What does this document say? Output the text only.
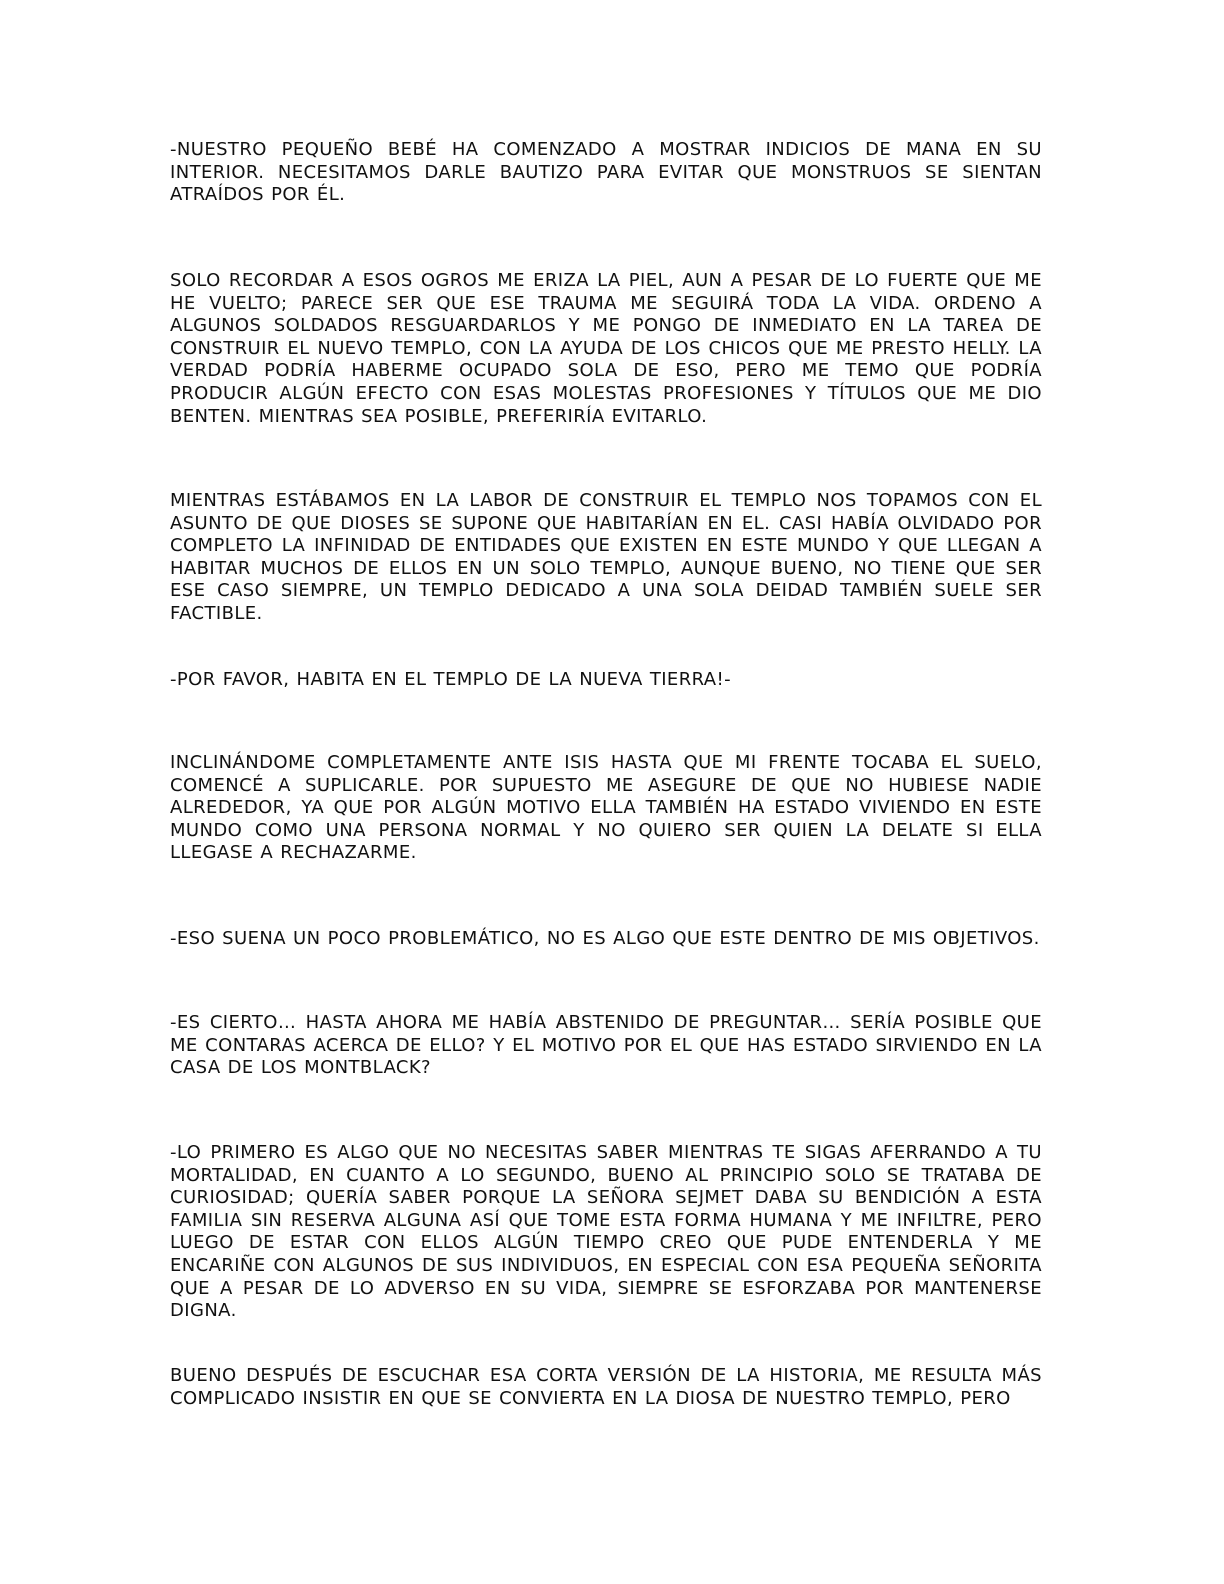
-NUESTRO PEQUEÑO BEBÉ HA COMENZADO A MOSTRAR INDICIOS DE MANA EN SU INTERIOR. NECESITAMOS DARLE BAUTIZO PARA EVITAR QUE MONSTRUOS SE SIENTAN ATRAÍDOS POR ÉL.

SOLO RECORDAR A ESOS OGROS ME ERIZA LA PIEL, AUN A PESAR DE LO FUERTE QUE ME HE VUELTO; PARECE SER QUE ESE TRAUMA ME SEGUIRÁ TODA LA VIDA. ORDENO A ALGUNOS SOLDADOS RESGUARDARLOS Y ME PONGO DE INMEDIATO EN LA TAREA DE CONSTRUIR EL NUEVO TEMPLO, CON LA AYUDA DE LOS CHICOS QUE ME PRESTO HELLY. LA VERDAD PODRÍA HABERME OCUPADO SOLA DE ESO, PERO ME TEMO QUE PODRÍA PRODUCIR ALGÚN EFECTO CON ESAS MOLESTAS PROFESIONES Y TÍTULOS QUE ME DIO BENTEN. MIENTRAS SEA POSIBLE, PREFERIRÍA EVITARLO.

MIENTRAS ESTÁBAMOS EN LA LABOR DE CONSTRUIR EL TEMPLO NOS TOPAMOS CON EL ASUNTO DE QUE DIOSES SE SUPONE QUE HABITARÍAN EN EL. CASI HABÍA OLVIDADO POR COMPLETO LA INFINIDAD DE ENTIDADES QUE EXISTEN EN ESTE MUNDO Y QUE LLEGAN A HABITAR MUCHOS DE ELLOS EN UN SOLO TEMPLO, AUNQUE BUENO, NO TIENE QUE SER ESE CASO SIEMPRE, UN TEMPLO DEDICADO A UNA SOLA DEIDAD TAMBIÉN SUELE SER FACTIBLE.

-POR FAVOR, HABITA EN EL TEMPLO DE LA NUEVA TIERRA!-

INCLINÁNDOME COMPLETAMENTE ANTE ISIS HASTA QUE MI FRENTE TOCABA EL SUELO, COMENCÉ A SUPLICARLE. POR SUPUESTO ME ASEGURE DE QUE NO HUBIESE NADIE ALREDEDOR, YA QUE POR ALGÚN MOTIVO ELLA TAMBIÉN HA ESTADO VIVIENDO EN ESTE MUNDO COMO UNA PERSONA NORMAL Y NO QUIERO SER QUIEN LA DELATE SI ELLA LLEGASE A RECHAZARME.

-ESO SUENA UN POCO PROBLEMÁTICO, NO ES ALGO QUE ESTE DENTRO DE MIS OBJETIVOS.

-ES CIERTO… HASTA AHORA ME HABÍA ABSTENIDO DE PREGUNTAR… SERÍA POSIBLE QUE ME CONTARAS ACERCA DE ELLO? Y EL MOTIVO POR EL QUE HAS ESTADO SIRVIENDO EN LA CASA DE LOS MONTBLACK?

-LO PRIMERO ES ALGO QUE NO NECESITAS SABER MIENTRAS TE SIGAS AFERRANDO A TU MORTALIDAD, EN CUANTO A LO SEGUNDO, BUENO AL PRINCIPIO SOLO SE TRATABA DE CURIOSIDAD; QUERÍA SABER PORQUE LA SEÑORA SEJMET DABA SU BENDICIÓN A ESTA FAMILIA SIN RESERVA ALGUNA ASÍ QUE TOME ESTA FORMA HUMANA Y ME INFILTRE, PERO LUEGO DE ESTAR CON ELLOS ALGÚN TIEMPO CREO QUE PUDE ENTENDERLA Y ME ENCARIÑE CON ALGUNOS DE SUS INDIVIDUOS, EN ESPECIAL CON ESA PEQUEÑA SEÑORITA QUE A PESAR DE LO ADVERSO EN SU VIDA, SIEMPRE SE ESFORZABA POR MANTENERSE DIGNA.

BUENO DESPUÉS DE ESCUCHAR ESA CORTA VERSIÓN DE LA HISTORIA, ME RESULTA MÁS COMPLICADO INSISTIR EN QUE SE CONVIERTA EN LA DIOSA DE NUESTRO TEMPLO, PERO
